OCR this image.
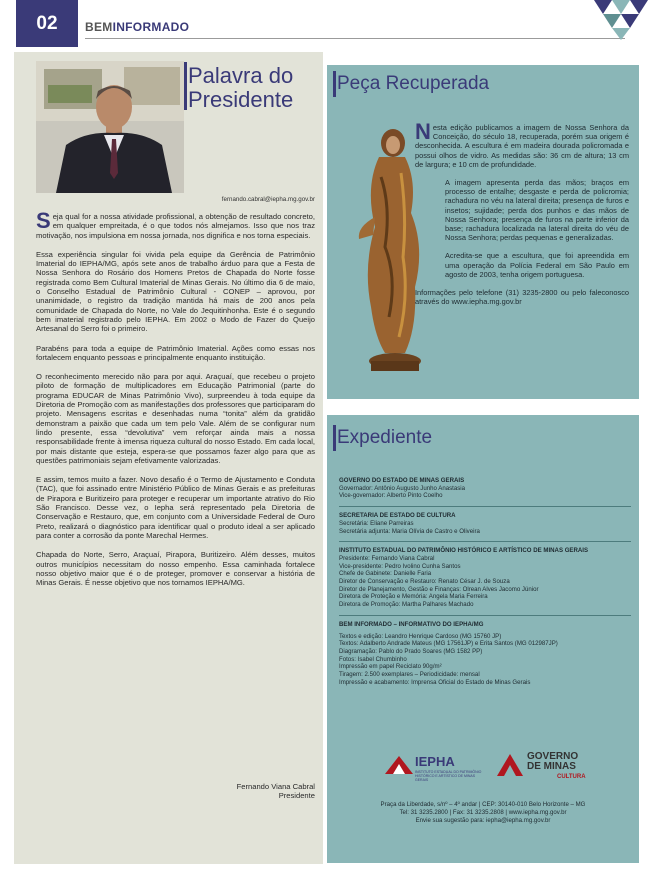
02	BEMINFORMADO
Palavra do
Presidente
fernando.cabral@iepha.mg.gov.br

Seja qual for a nossa atividade profissional, a obtenção de resultado concreto, em qualquer empreitada, é o que todos nós almejamos. Isso que nos traz motivação, nos impulsiona em nossa jornada, nos dignifica e nos torna especiais.

Essa experiência singular foi vivida pela equipe da Gerência de Patrimônio Imaterial do IEPHA/MG, após sete anos de trabalho árduo para que a Festa de Nossa Senhora do Rosário dos Homens Pretos de Chapada do Norte fosse registrada como Bem Cultural Imaterial de Minas Gerais. No último dia 6 de maio, o Conselho Estadual de Patrimônio Cultural - CONEP – aprovou, por unanimidade, o registro da tradição mantida há mais de 200 anos pela comunidade de Chapada do Norte, no Vale do Jequitinhonha. Este é o segundo bem imaterial registrado pelo IEPHA. Em 2002 o Modo de Fazer do Queijo Artesanal do Serro foi o primeiro.

Parabéns para toda a equipe de Patrimônio Imaterial. Ações como essas nos fortalecem enquanto pessoas e principalmente enquanto instituição.

O reconhecimento merecido não para por aqui. Araçuaí, que recebeu o projeto piloto de formação de multiplicadores em Educação Patrimonial (parte do programa EDUCAR de Minas Patrimônio Vivo), surpreendeu à toda equipe da Diretoria de Promoção com as manifestações dos professores que participaram do projeto. Mensagens escritas e desenhadas numa “tonita” além da gratidão demonstram a paixão que cada um tem pelo Vale. Além de se configurar num lindo presente, essa “devolutiva” vem reforçar ainda mais a nossa responsabilidade frente à imensa riqueza cultural do nosso Estado. Em cada local, por mais distante que esteja, espera-se que possamos fazer algo para que as questões patrimoniais sejam efetivamente valorizadas.

E assim, temos muito a fazer. Novo desafio é o Termo de Ajustamento e Conduta (TAC), que foi assinado entre Ministério Público de Minas Gerais e as prefeituras de Pirapora e Buritizeiro para proteger e recuperar um importante atrativo do Rio São Francisco. Desse vez, o Iepha será representado pela Diretoria de Conservação e Restauro, que, em conjunto com a Universidade Federal de Ouro Preto, realizará o diagnóstico para identificar qual o produto ideal a ser aplicado para conter a corrosão da ponte Marechal Hermes.

Chapada do Norte, Serro, Araçuaí, Pirapora, Buritizeiro. Além desses, muitos outros municípios necessitam do nosso empenho. Essa caminhada fortalece nosso objetivo maior que é o de proteger, promover e conservar a história de Minas Gerais. É nesse objetivo que nos tornamos IEPHA/MG.

Fernando Viana Cabral
Presidente
Peça Recuperada

Nesta edição publicamos a imagem de Nossa Senhora da Conceição, do século 18, recuperada, porém sua origem é desconhecida. A escultura é em madeira dourada policromada e possui olhos de vidro. As medidas são: 36 cm de altura; 13 cm de largura; e 10 cm de profundidade.

A imagem apresenta perda das mãos; braços em processo de entalhe; desgaste e perda de policromia; rachadura no véu na lateral direita; presença de furos e insetos; sujidade; perda dos punhos e das mãos de Nossa Senhora; presença de furos na parte inferior da base; rachadura localizada na lateral direita do véu de Nossa Senhora; perdas pequenas e generalizadas.

Acredita-se que a escultura, que foi apreendida em uma operação da Polícia Federal em São Paulo em agosto de 2003, tenha origem portuguesa.

Informações pelo telefone (31) 3235-2800 ou pelo faleconosco através do www.iepha.mg.gov.br

Expediente
GOVERNO DO ESTADO DE MINAS GERAIS
Governador: Antônio Augusto Junho Anastasia
Vice-governador: Alberto Pinto Coelho
SECRETARIA DE ESTADO DE CULTURA
Secretária: Eliane Parreiras
Secretária adjunta: Maria Olívia de Castro e Oliveira
INSTITUTO ESTADUAL DO PATRIMÔNIO HISTÓRICO E ARTÍSTICO DE MINAS GERAIS
Presidente: Fernando Viana Cabral
Vice-presidente: Pedro Ivolino Cunha Santos
Chefe de Gabinete: Danielle Faria
Diretor de Conservação e Restauro: Renato César J. de Souza
Diretor de Planejamento, Gestão e Finanças: Olrean Alves Jacomo Júnior
Diretora de Proteção e Memória: Angela Maria Ferreira
Diretora de Promoção: Martha Palhares Machado
BEM INFORMADO – INFORMATIVO DO IEPHA/MG
Textos e edição: Leandro Henrique Cardoso (MG 15760 JP)
Textos: Adalberto Andrade Mateus (MG 17561JP) e Erita Santos (MG 012987JP)
Diagramação: Pablo do Prado Soares (MG 1582 PP)
Fotos: Isabel Chumbinho
Impressão em papel Reciclato 90g/m²
Tiragem: 2.500 exemplares – Periodicidade: mensal
Impressão e acabamento: Imprensa Oficial do Estado de Minas Gerais
IEPHA
INSTITUTO ESTADUAL DO PATRIMÔNIO HISTÓRICO E ARTÍSTICO DE MINAS GERAIS
GOVERNO
DE MINAS
CULTURA
Praça da Liberdade, s/nº – 4º andar | CEP: 30140-010 Belo Horizonte – MG
Tel: 31 3235.2800 | Fax: 31 3235.2808 | www.iepha.mg.gov.br
Envie sua sugestão para: iepha@iepha.mg.gov.br
